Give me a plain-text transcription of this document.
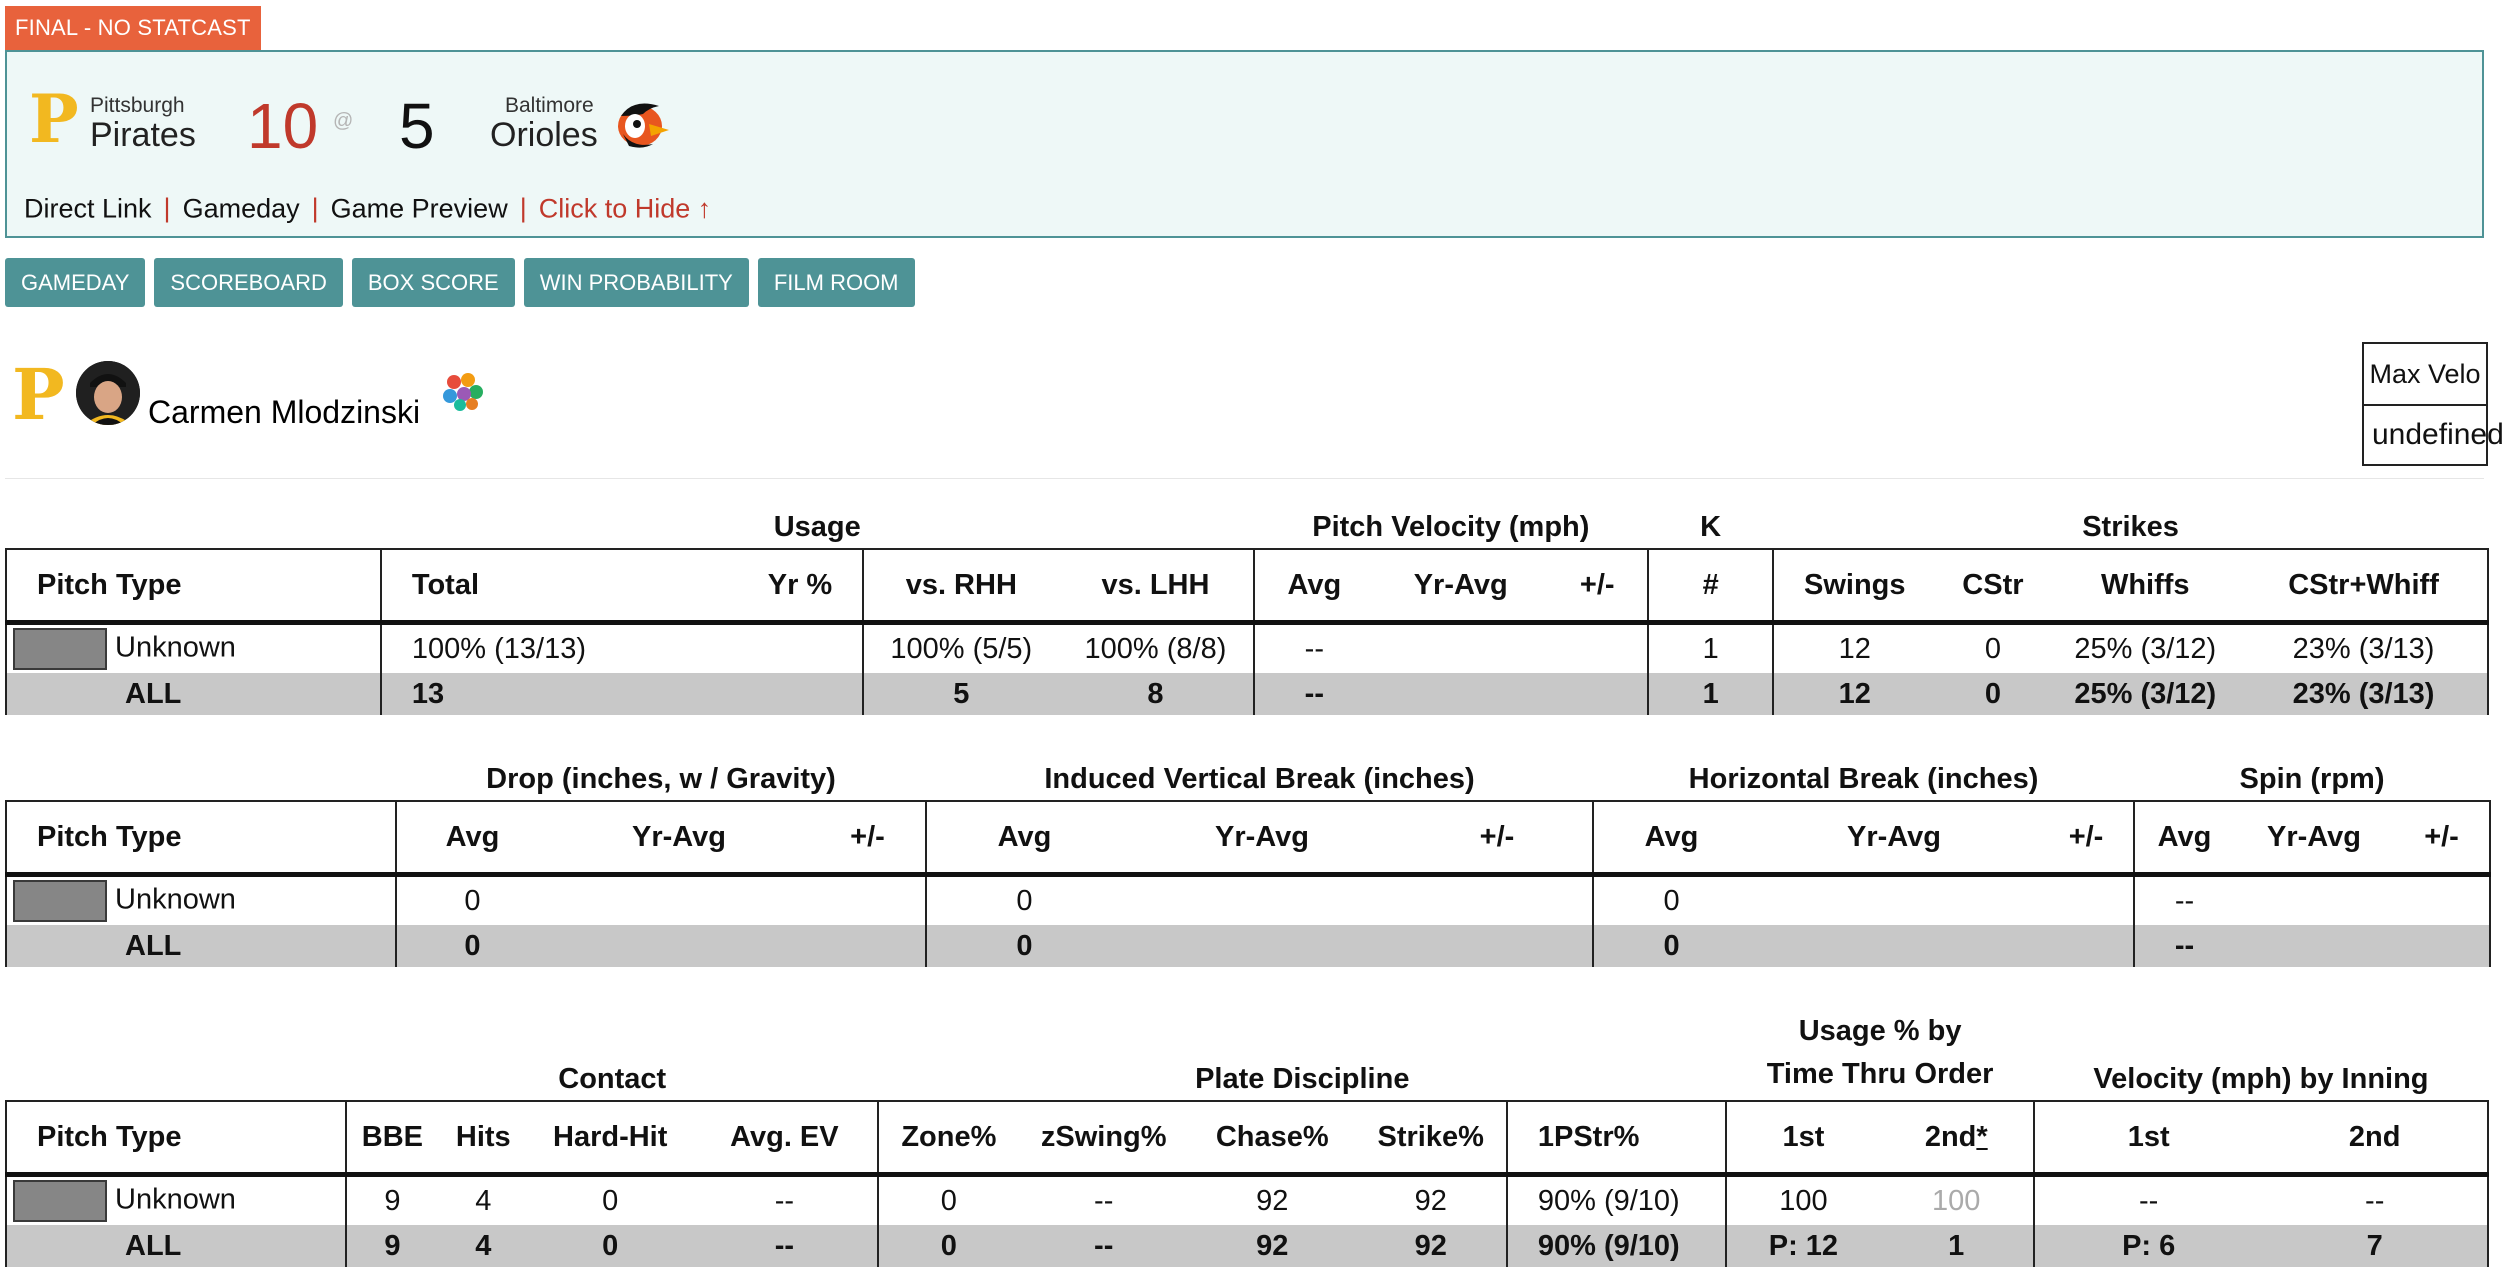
FINAL - NO STATCAST
P Pittsburgh
Pirates 10 @ 5	Baltimore
Orioles
Direct Link | Gameday | Game Preview | Click to Hide ↑
GAMEDAY	SCOREBOARD	BOX SCORE	WIN PROBABILITY	FILM ROOM
P	Carmen Mlodzinski
Max Velo
undefined
	Usage				Pitch Velocity (mph)			K	Strikes			
Pitch Type	Total	Yr %	vs. RHH	vs. LHH	Avg	Yr-Avg	+/-	#	Swings	CStr	Whiffs	CStr+Whiff
Unknown	100% (13/13)		100% (5/5)	100% (8/8)	--			1	12	0	25% (3/12)	23% (3/13)
ALL	13		5	8	--			1	12	0	25% (3/12)	23% (3/13)
	Drop (inches, w / Gravity)			Induced Vertical Break (inches)			Horizontal Break (inches)			Spin (rpm)		
Pitch Type	Avg	Yr-Avg	+/-	Avg	Yr-Avg	+/-	Avg	Yr-Avg	+/-	Avg	Yr-Avg	+/-
Unknown	0			0			0			--		
ALL	0			0			0			--		
	Contact				Plate Discipline					Usage % by
Time Thru Order		Velocity (mph) by Inning	
Pitch Type	BBE	Hits	Hard-Hit	Avg. EV	Zone%	zSwing%	Chase%	Strike%	1PStr%	1st	2nd*	1st	2nd
Unknown	9	4	0	--	0	--	92	92	90% (9/10)	100	100	--	--
ALL	9	4	0	--	0	--	92	92	90% (9/10)	P: 12	1	P: 6	7
